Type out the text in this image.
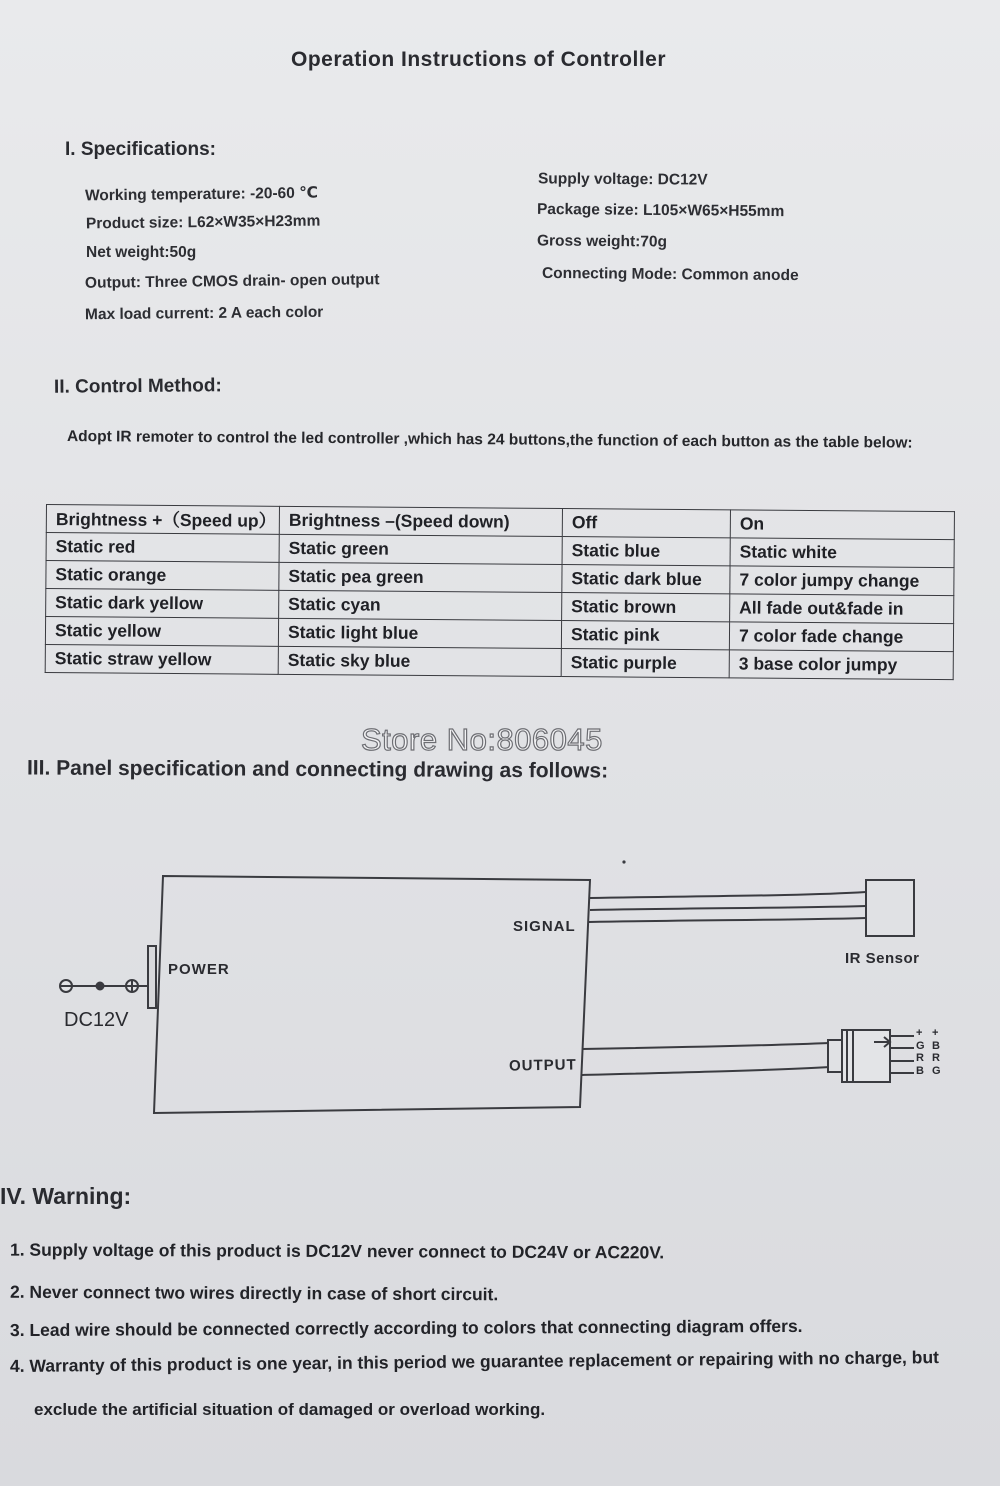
Operation Instructions of Controller
I. Specifications:
Working temperature: -20-60 ℃
Product size: L62×W35×H23mm
Net weight:50g
Output: Three CMOS drain- open output
Max load current: 2 A each color
Supply voltage: DC12V
Package size: L105×W65×H55mm
Gross weight:70g
Connecting Mode: Common anode
II. Control Method:
Adopt IR remoter to control the led controller ,which has 24 buttons,the function of each button as the table below:
Brightness +（Speed up）	Brightness –(Speed down)	Off	On
Static red	Static green	Static blue	Static white
Static orange	Static pea green	Static dark blue	7 color jumpy change
Static dark yellow	Static cyan	Static brown	All fade out&fade in
Static yellow	Static light blue	Static pink	7 color fade change
Static straw yellow	Static sky blue	Static purple	3 base color jumpy
Store No:806045
III. Panel specification and connecting drawing as follows:
POWER
DC12V
SIGNAL
OUTPUT
IR Sensor
+
G
R
B
+
B
R
G
IV. Warning:
1. Supply voltage of this product is DC12V never connect to DC24V or AC220V.
2. Never connect two wires directly in case of short circuit.
3. Lead wire should be connected correctly according to colors that connecting diagram offers.
4. Warranty of this product is one year, in this period we guarantee replacement or repairing with no charge, but
exclude the artificial situation of damaged or overload working.
